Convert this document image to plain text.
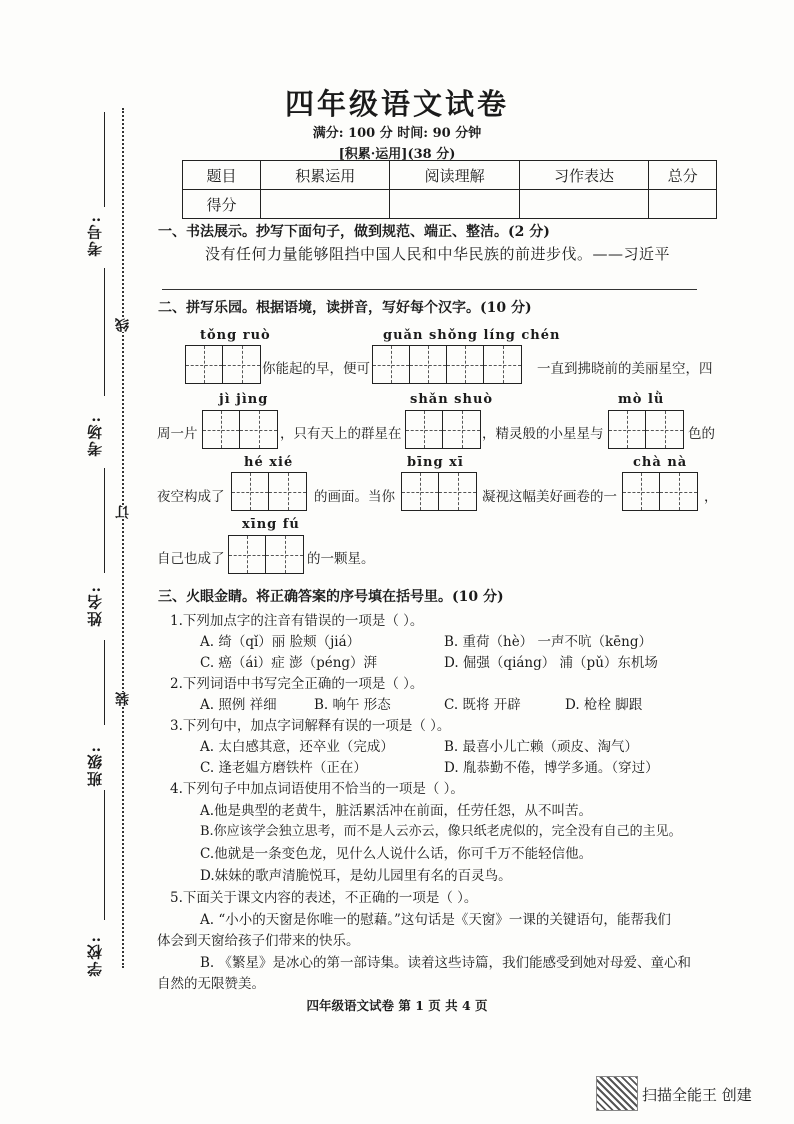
考号:
考场:
姓名:
班级:
学校:
线
订
装
四年级语文试卷
满分: 100 分 时间: 90 分钟
[积累·运用](38 分)
题目	积累运用	阅读理解	习作表达	总分
得分				
一、书法展示。抄写下面句子，做到规范、端正、整洁。(2 分)
没有任何力量能够阻挡中国人民和中华民族的前进步伐。——习近平
二、拼写乐园。根据语境，读拼音，写好每个汉字。(10 分)
tǒng ruò
你能起的早，便可
guǎn shǒng líng chén
一直到拂晓前的美丽星空，四
jì jìng
周一片	，只有天上的群星在
shǎn shuò
，精灵般的小星星与
mò lǜ
色的
hé xié
夜空构成了	的画面。当你
bīng xī
凝视这幅美好画卷的一
chà nà
，
xīng fú
自己也成了	的一颗星。
三、火眼金睛。将正确答案的序号填在括号里。(10 分)
1.下列加点字的注音有错误的一项是（ ）。
A. 绮（qǐ）丽 脸颊（jiá）	B. 重荷（hè） 一声不吭（kēng）
C. 癌（ái）症 澎（péng）湃	D. 倔强（qiáng） 浦（pǔ）东机场
2.下列词语中书写完全正确的一项是（ ）。
A. 照例 祥细	B. 响午 形态	C. 既将 开辟	D. 枪栓 脚跟
3.下列句中，加点字词解释有误的一项是（ ）。
A. 太白感其意，还卒业（完成）	B. 最喜小儿亡赖（顽皮、淘气）
C. 逢老媪方磨铁杵（正在）	D. 胤恭勤不倦，博学多通。（穿过）
4.下列句子中加点词语使用不恰当的一项是（ ）。
A.他是典型的老黄牛，脏活累活冲在前面，任劳任怨，从不叫苦。
B.你应该学会独立思考，而不是人云亦云，像只纸老虎似的，完全没有自己的主见。
C.他就是一条变色龙，见什么人说什么话，你可千万不能轻信他。
D.妹妹的歌声清脆悦耳，是幼儿园里有名的百灵鸟。
5.下面关于课文内容的表述，不正确的一项是（ ）。
A. “小小的天窗是你唯一的慰藉。”这句话是《天窗》一课的关键语句，能帮我们
体会到天窗给孩子们带来的快乐。
B. 《繁星》是冰心的第一部诗集。读着这些诗篇，我们能感受到她对母爱、童心和
自然的无限赞美。
四年级语文试卷 第 1 页 共 4 页
扫描全能王 创建
